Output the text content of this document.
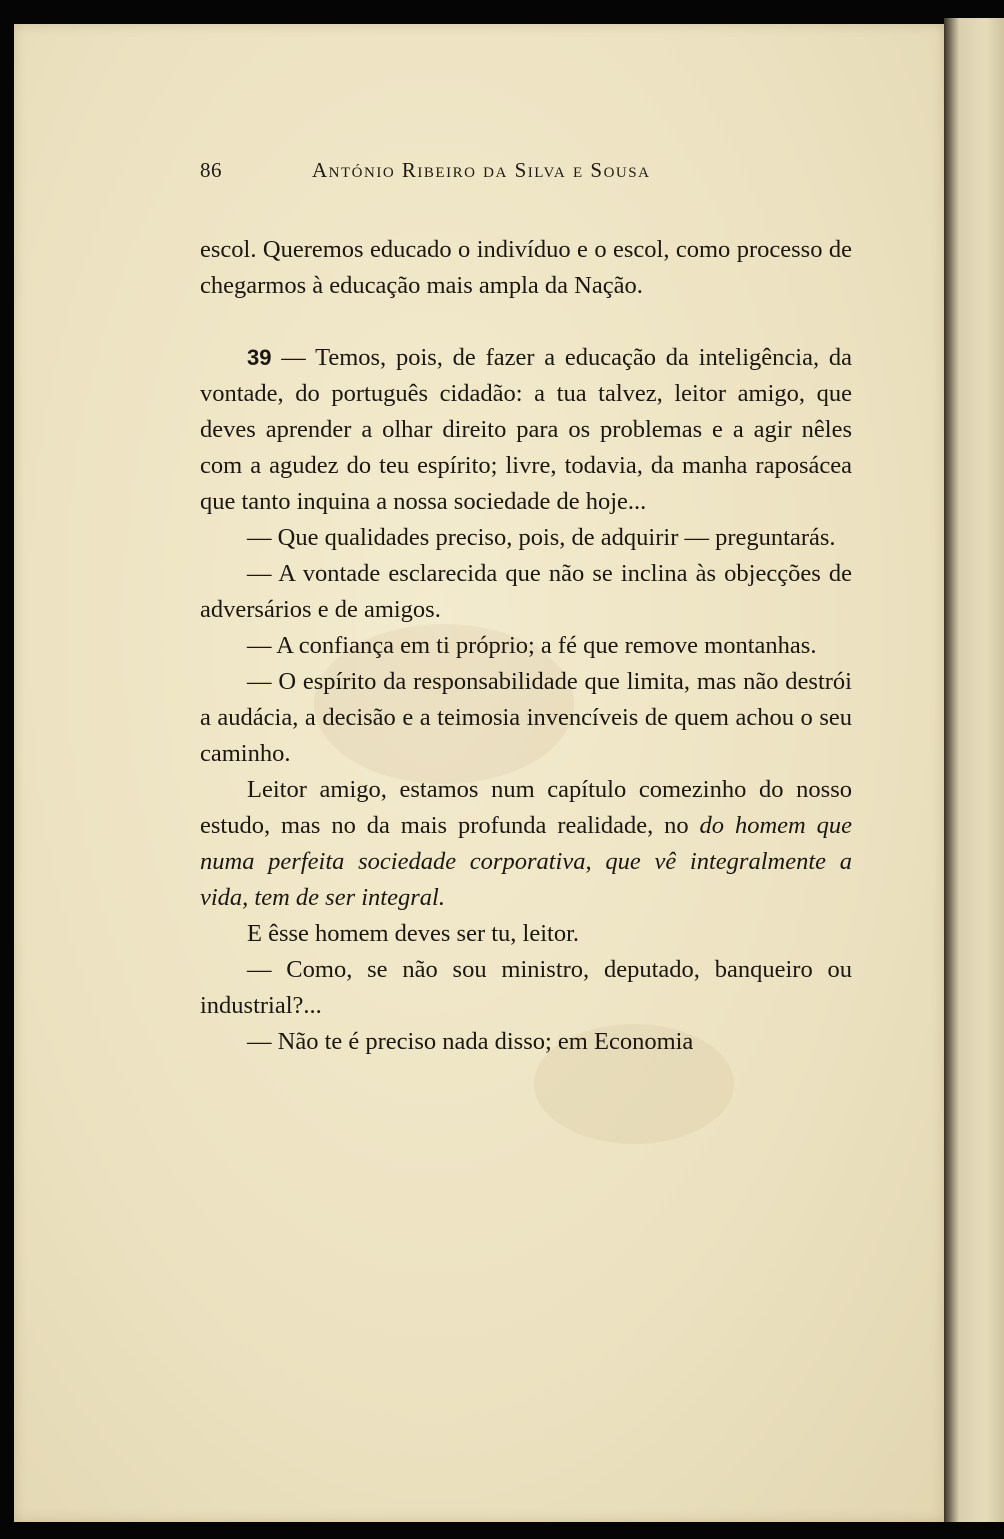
86	António Ribeiro da Silva e Sousa

escol. Queremos educado o indivíduo e o escol, como processo de chegarmos à educação mais ampla da Nação.

39 — Temos, pois, de fazer a educação da inteligência, da vontade, do português cidadão: a tua talvez, leitor amigo, que deves aprender a olhar direito para os problemas e a agir nêles com a agudez do teu espírito; livre, todavia, da manha raposácea que tanto inquina a nossa sociedade de hoje...

— Que qualidades preciso, pois, de adquirir — preguntarás.

— A vontade esclarecida que não se inclina às objecções de adversários e de amigos.

— A confiança em ti próprio; a fé que remove montanhas.

— O espírito da responsabilidade que limita, mas não destrói a audácia, a decisão e a teimosia invencíveis de quem achou o seu caminho.

Leitor amigo, estamos num capítulo comezinho do nosso estudo, mas no da mais profunda realidade, no do homem que numa perfeita sociedade corporativa, que vê integralmente a vida, tem de ser integral.

E êsse homem deves ser tu, leitor.

— Como, se não sou ministro, deputado, banqueiro ou industrial?...

— Não te é preciso nada disso; em Economia
